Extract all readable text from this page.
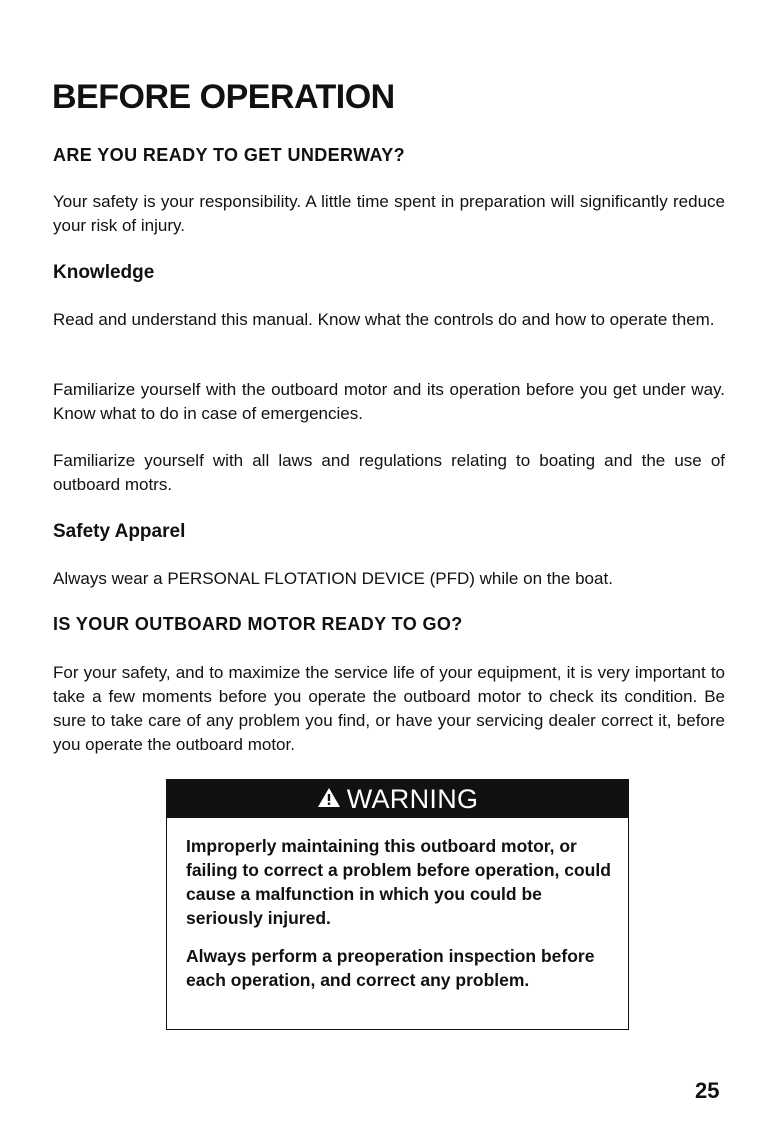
BEFORE OPERATION
ARE YOU READY TO GET UNDERWAY?
Your safety is your responsibility. A little time spent in preparation will significantly reduce your risk of injury.
Knowledge
Read and understand this manual. Know what the controls do and how to operate them.
Familiarize yourself with the outboard motor and its operation before you get under way. Know what to do in case of emergencies.
Familiarize yourself with all laws and regulations relating to boating and the use of outboard motrs.
Safety Apparel
Always wear a PERSONAL FLOTATION DEVICE (PFD) while on the boat.
IS YOUR OUTBOARD MOTOR READY TO GO?
For your safety, and to maximize the service life of your equipment, it is very important to take a few moments before you operate the outboard motor to check its condition. Be sure to take care of any problem you find, or have your servicing dealer correct it, before you operate the outboard motor.
WARNING
Improperly maintaining this outboard motor, or failing to correct a problem before operation, could cause a malfunction in which you could be seriously injured.
Always perform a preoperation inspection before each operation, and correct any problem.
25
